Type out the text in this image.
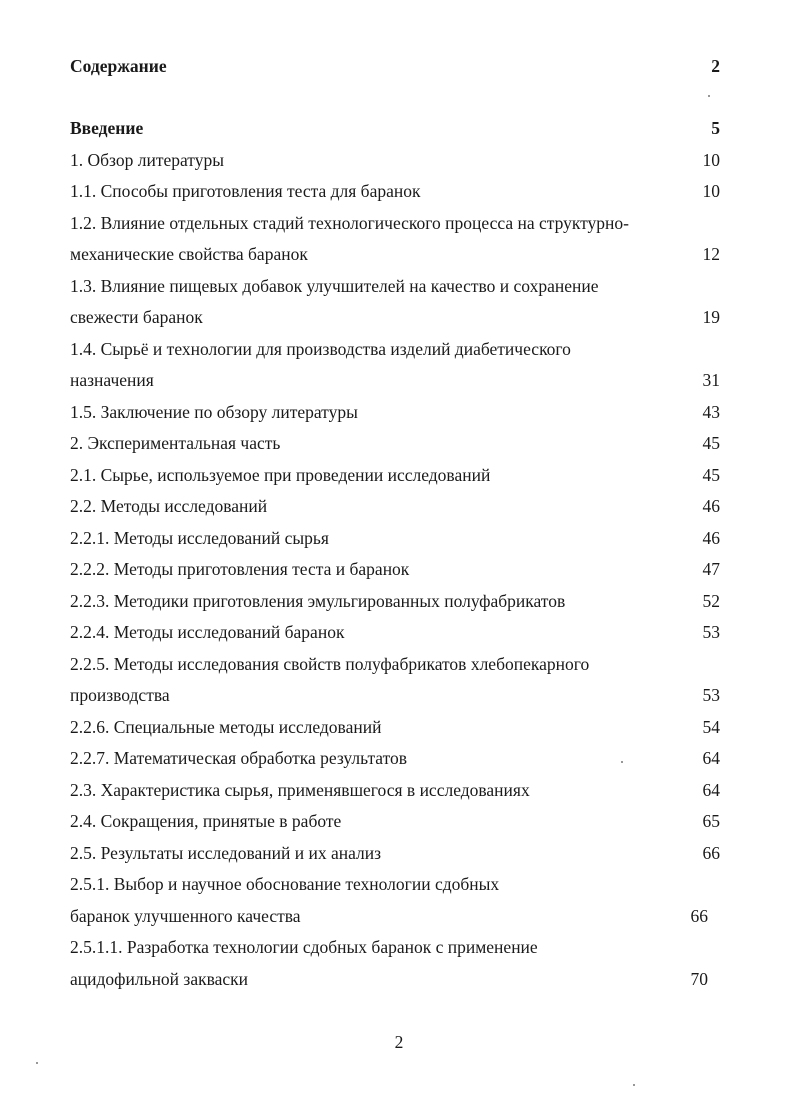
Содержание	2
Введение	5
1. Обзор литературы	10
1.1. Способы приготовления теста для баранок	10
1.2. Влияние отдельных стадий технологического процесса на структурно-
механические свойства баранок	12
1.3. Влияние пищевых добавок улучшителей на качество и сохранение
свежести баранок	19
1.4. Сырьё и технологии для производства изделий диабетического
назначения	31
1.5. Заключение по обзору литературы	43
2. Экспериментальная часть	45
2.1. Сырье, используемое при проведении исследований	45
2.2. Методы исследований	46
2.2.1. Методы исследований сырья	46
2.2.2. Методы приготовления теста и баранок	47
2.2.3. Методики приготовления эмульгированных полуфабрикатов	52
2.2.4. Методы исследований баранок	53
2.2.5. Методы исследования свойств полуфабрикатов хлебопекарного
производства	53
2.2.6. Специальные методы исследований	54
2.2.7. Математическая обработка результатов	64
2.3. Характеристика сырья, применявшегося в исследованиях	64
2.4. Сокращения, принятые в работе	65
2.5. Результаты исследований и их анализ	66
2.5.1. Выбор и научное обоснование технологии сдобных
баранок улучшенного качества	66
2.5.1.1. Разработка технологии сдобных баранок с применение
ацидофильной закваски	70
2
